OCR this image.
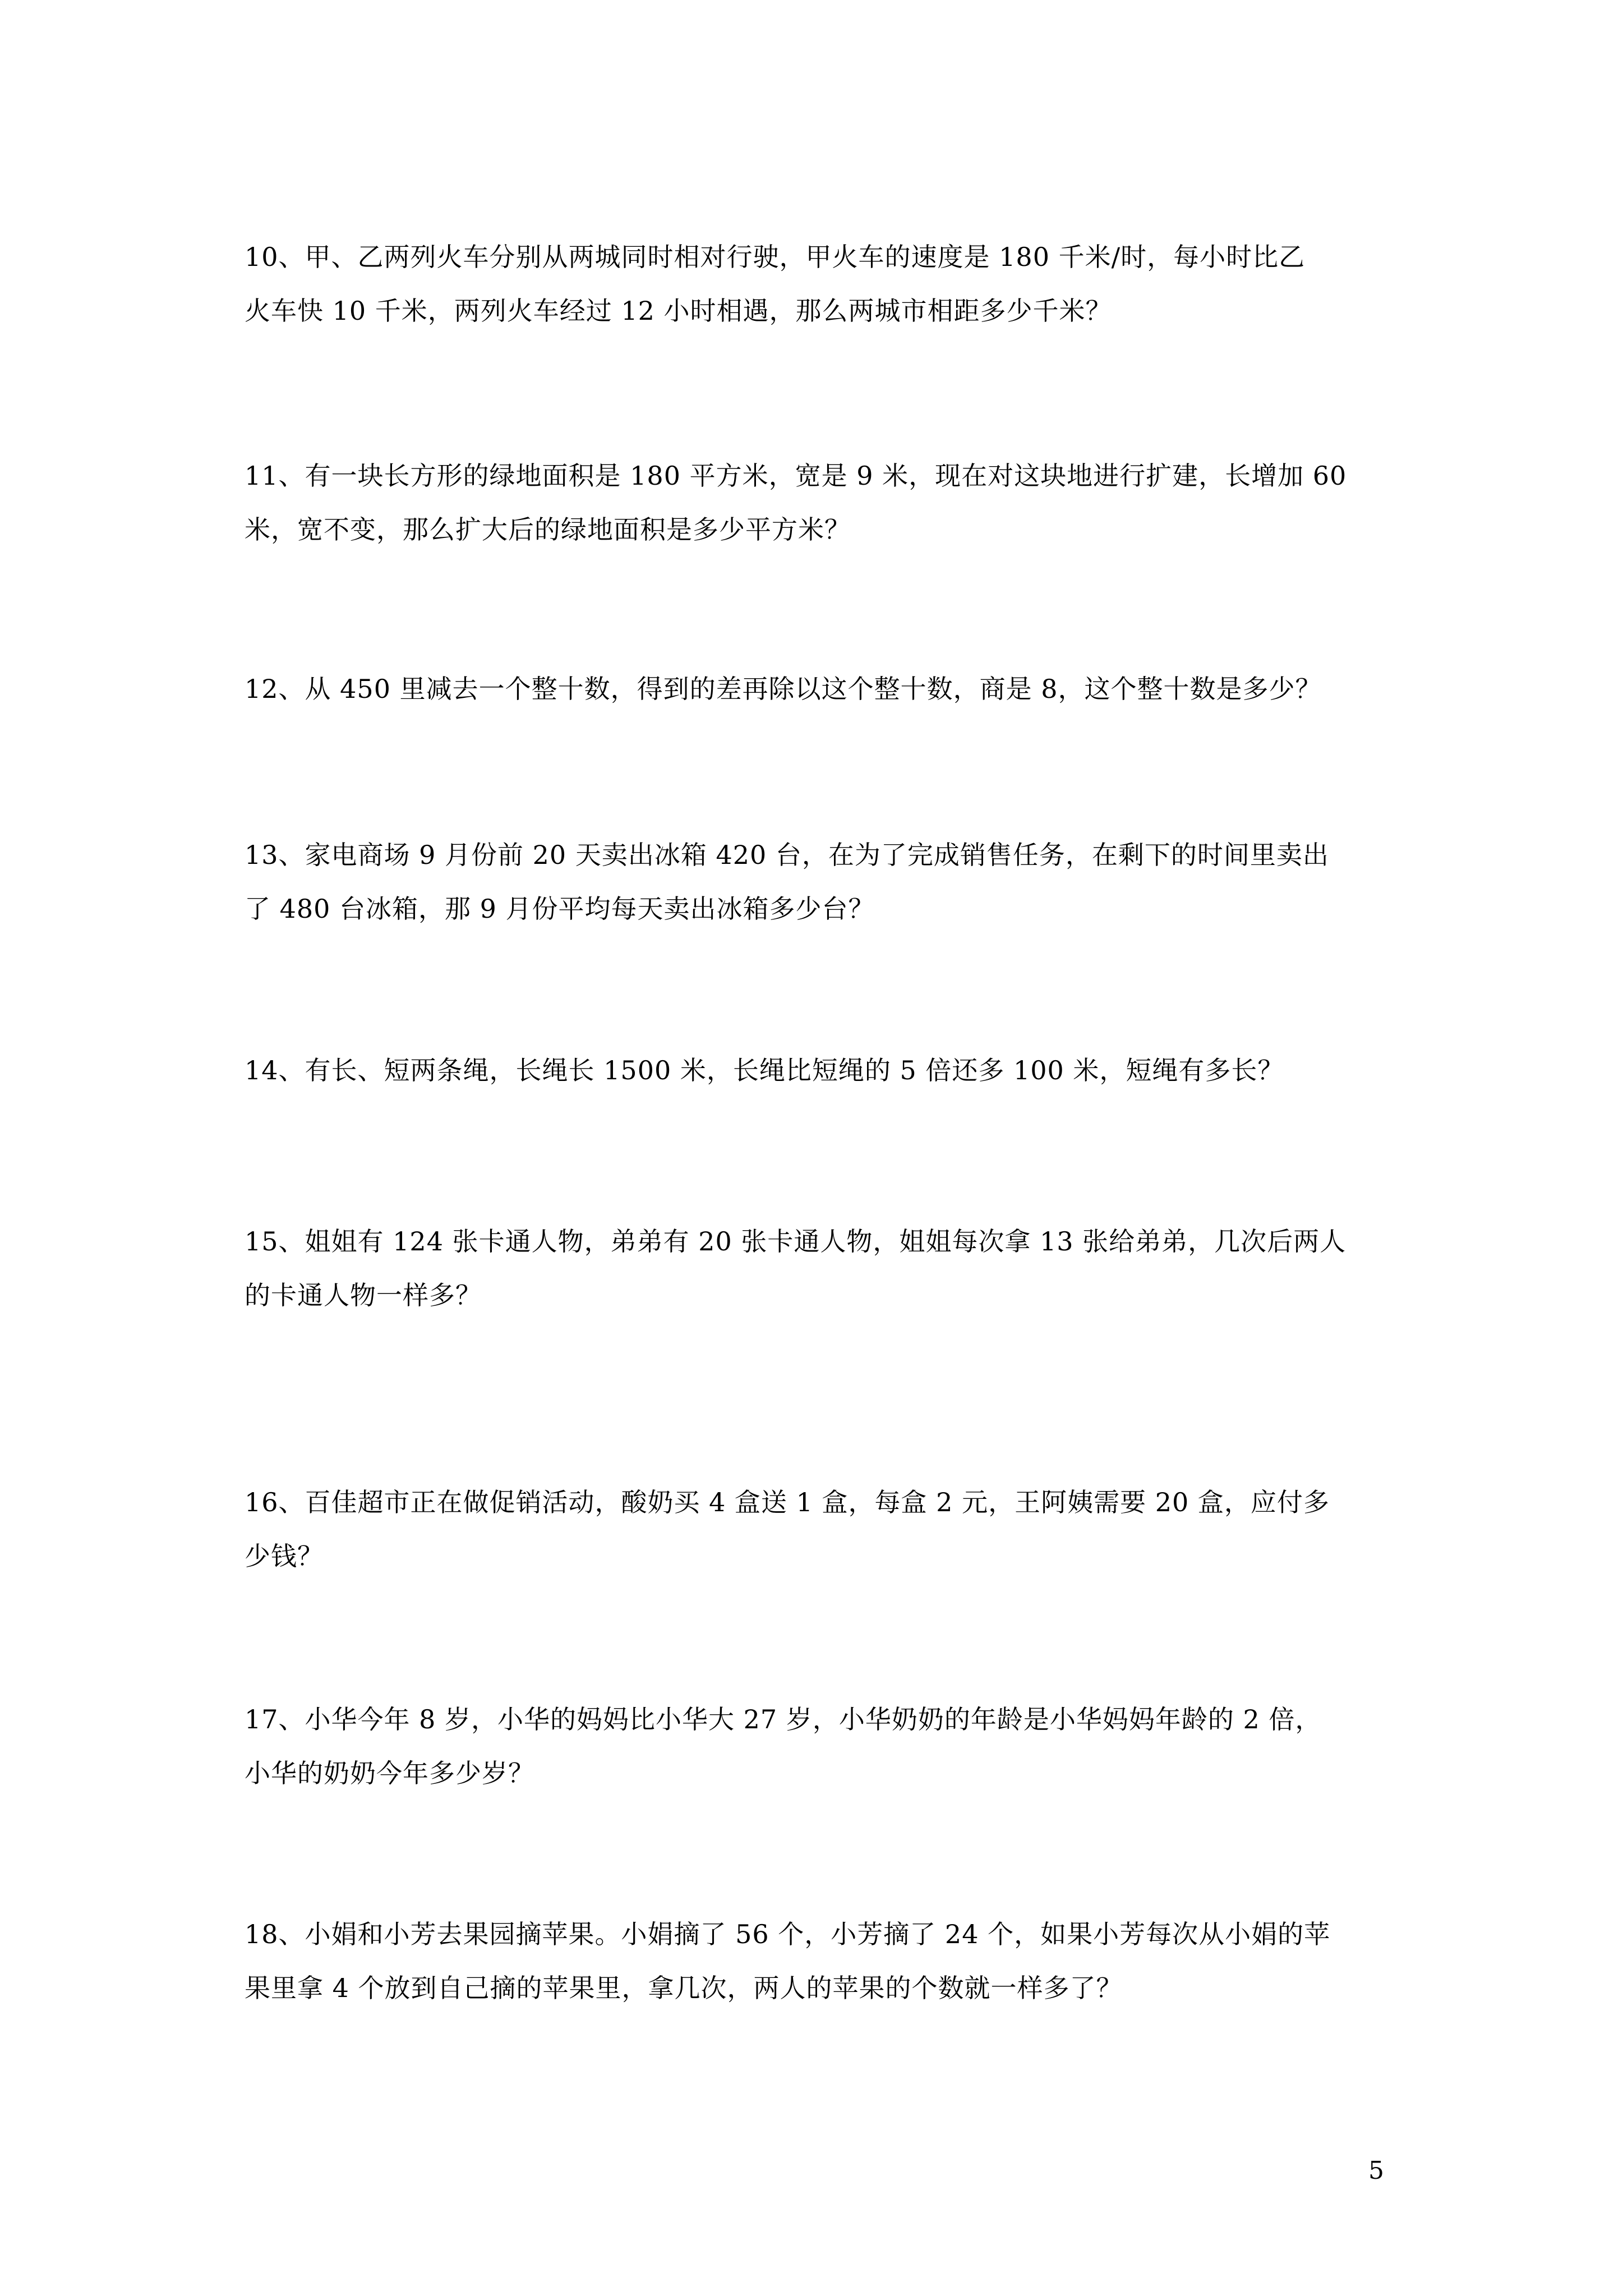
10、甲、乙两列火车分别从两城同时相对行驶，甲火车的速度是 180 千米/时，每小时比乙
火车快 10 千米，两列火车经过 12 小时相遇，那么两城市相距多少千米？
11、有一块长方形的绿地面积是 180 平方米，宽是 9 米，现在对这块地进行扩建，长增加 60
米，宽不变，那么扩大后的绿地面积是多少平方米？
12、从 450 里减去一个整十数，得到的差再除以这个整十数，商是 8，这个整十数是多少？
13、家电商场 9 月份前 20 天卖出冰箱 420 台，在为了完成销售任务，在剩下的时间里卖出
了 480 台冰箱，那 9 月份平均每天卖出冰箱多少台？
14、有长、短两条绳，长绳长 1500 米，长绳比短绳的 5 倍还多 100 米，短绳有多长？
15、姐姐有 124 张卡通人物，弟弟有 20 张卡通人物，姐姐每次拿 13 张给弟弟，几次后两人
的卡通人物一样多？
16、百佳超市正在做促销活动，酸奶买 4 盒送 1 盒，每盒 2 元，王阿姨需要 20 盒，应付多
少钱？
17、小华今年 8 岁，小华的妈妈比小华大 27 岁，小华奶奶的年龄是小华妈妈年龄的 2 倍，
小华的奶奶今年多少岁？
18、小娟和小芳去果园摘苹果。小娟摘了 56 个，小芳摘了 24 个，如果小芳每次从小娟的苹
果里拿 4 个放到自己摘的苹果里，拿几次，两人的苹果的个数就一样多了？
5
